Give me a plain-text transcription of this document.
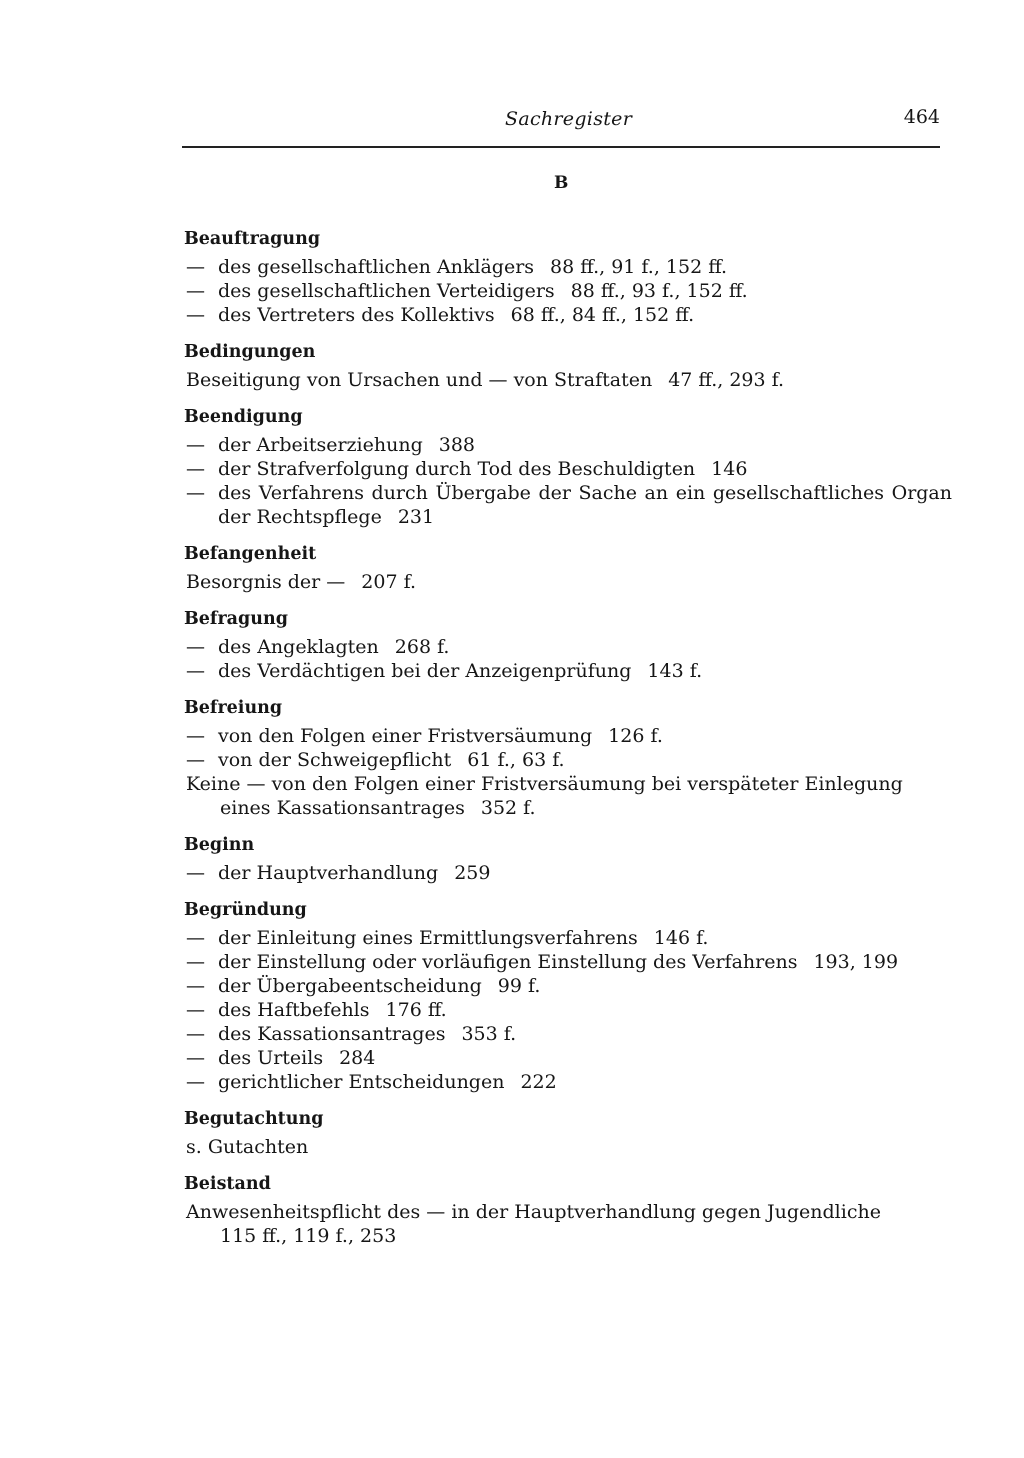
Sachregister	464
B
Beauftragung
— des gesellschaftlichen Anklägers 88 ff., 91 f., 152 ff.
— des gesellschaftlichen Verteidigers 88 ff., 93 f., 152 ff.
— des Vertreters des Kollektivs 68 ff., 84 ff., 152 ff.
Bedingungen
Beseitigung von Ursachen und — von Straftaten 47 ff., 293 f.
Beendigung
— der Arbeitserziehung 388
— der Strafverfolgung durch Tod des Beschuldigten 146
— des Verfahrens durch Übergabe der Sache an ein gesellschaftliches Organ der Rechtspflege 231
Befangenheit
Besorgnis der — 207 f.
Befragung
— des Angeklagten 268 f.
— des Verdächtigen bei der Anzeigenprüfung 143 f.
Befreiung
— von den Folgen einer Fristversäumung 126 f.
— von der Schweigepflicht 61 f., 63 f.
Keine — von den Folgen einer Fristversäumung bei verspäteter Einlegung
eines Kassationsantrages 352 f.
Beginn
— der Hauptverhandlung 259
Begründung
— der Einleitung eines Ermittlungsverfahrens 146 f.
— der Einstellung oder vorläufigen Einstellung des Verfahrens 193, 199
— der Übergabeentscheidung 99 f.
— des Haftbefehls 176 ff.
— des Kassationsantrages 353 f.
— des Urteils 284
— gerichtlicher Entscheidungen 222
Begutachtung
s. Gutachten
Beistand
Anwesenheitspflicht des — in der Hauptverhandlung gegen Jugendliche
115 ff., 119 f., 253
